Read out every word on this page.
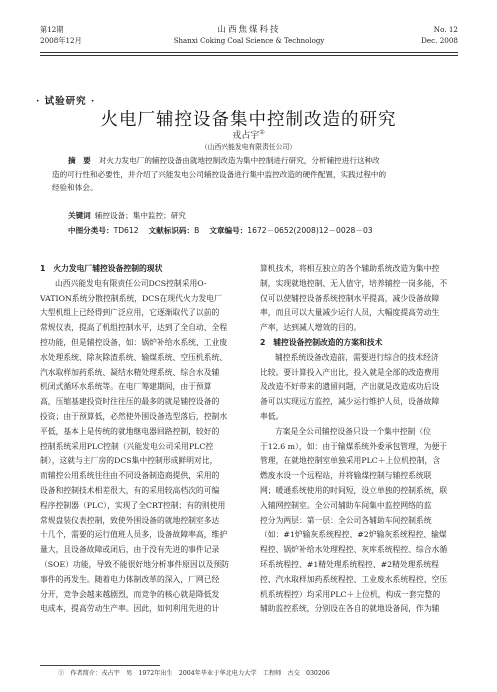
第12期
2008年12月
山西焦煤科技
Shanxi Coking Coal Science & Technology
No. 12
Dec. 2008
· 试验研究 ·
火电厂辅控设备集中控制改造的研究
戎占宇①
（山西兴能发电有限责任公司）
摘　要 对火力发电厂的辅控设备由就地控制改造为集中控制进行研究，分析辅控进行这种改
造的可行性和必要性，并介绍了兴能发电公司辅控设备进行集中监控改造的硬件配置，实践过程中的
经验和体会。
关键词 辅控设备；集中监控；研究
中图分类号：TD612 文献标识码：B 文章编号：1672－0652(2008)12－0028－03
1　火力发电厂辅控设备控制的现状
山西兴能发电有限责任公司DCS控制采用O-
VATION系统分散控制系统，DCS在现代火力发电厂
大型机组上已经得到广泛应用，它逐渐取代了以前的
常规仪表，提高了机组控制水平，达到了全自动、全程
控功能，但是辅控设备，如：锅炉补给水系统、工业废
水处理系统、除灰除渣系统、输煤系统、空压机系统、
汽水取样加药系统、凝结水精处理系统、综合水及辅
机闭式循环水系统等。在电厂筹建期间，由于预算
高，压缩基建投资时往往压的最多的就是辅控设备的
投资；由于预算低，必然使外围设备选型落后，控制水
平低，基本上是传统的就地继电器回路控制，较好的
控制系统采用PLC控制（兴能发电公司采用PLC控
制），这就与主厂房的DCS集中控制形成鲜明对比，
而辅控公用系统往往由不同设备制造商提供，采用的
设备和控制技术相差很大，有的采用较高档次的可编
程序控制器（PLC），实现了全CRT控制；有的则使用
常规盘装仪表控制，致使外围设备的就地控制室多达
十几个，需要的运行值班人员多，设备故障率高，维护
量大，且设备故障或闭后，由于没有先进的事件记录
（SOE）功能，导致不能很好地分析事件原因以及预防
事件的再发生。随着电力体制改革的深入，厂网已经
分开，竞争会越来越剧烈，而竞争的核心就是降低发
电成本，提高劳动生产率。因此，如何利用先进的计
算机技术，将相互独立的各个辅助系统改造为集中控
制，实现就地控制、无人值守，培养辅控一岗多能，不
仅可以使辅控设备系统控制水平提高，减少设备故障
率，而且可以大量减少运行人员，大幅度提高劳动生
产率，达到减人增效的目的。
2　辅控设备控制改造的方案和技术
辅控系统设备改造前，需要进行综合的技术经济
比较。要计算投入产出比，投入就是全部的改造费用
及改造不好带来的遗留问题，产出就是改造成功后设
备可以实现远方监控，减少运行维护人员，设备故障
率低。
方案是全公司辅控设备只设一个集中控制（位
于12.6 m），如：由于输煤系统外委承包管理，为便于
管理，在就地控制室单独采用PLC＋上位机控制，含
燃废水设一个远程站，并将输煤控制与辅控系统联
网；暖通系统使用的时间短，设立单独的控制系统，联
入辅网控制室。全公司辅助车间集中监控网络的监
控分为两层：第一层：全公司各辅助车间控制系统
（如：#1炉输灰系统程控、#2炉输灰系统程控、输煤
程控、锅炉补给水处理程控、灰库系统程控、综合水循
环系统程控、#1精处理系统程控、#2精处理系统程
控、汽水取样加药系统程控、工业废水系统程控、空压
机系统程控）均采用PLC＋上位机，构成一套完整的
辅助监控系统，分别设在各自的就地设备间，作为辅
①　作者简介：戎占宇　男　1972年出生　2004年毕业于华北电力大学　工程师　古交　030206
